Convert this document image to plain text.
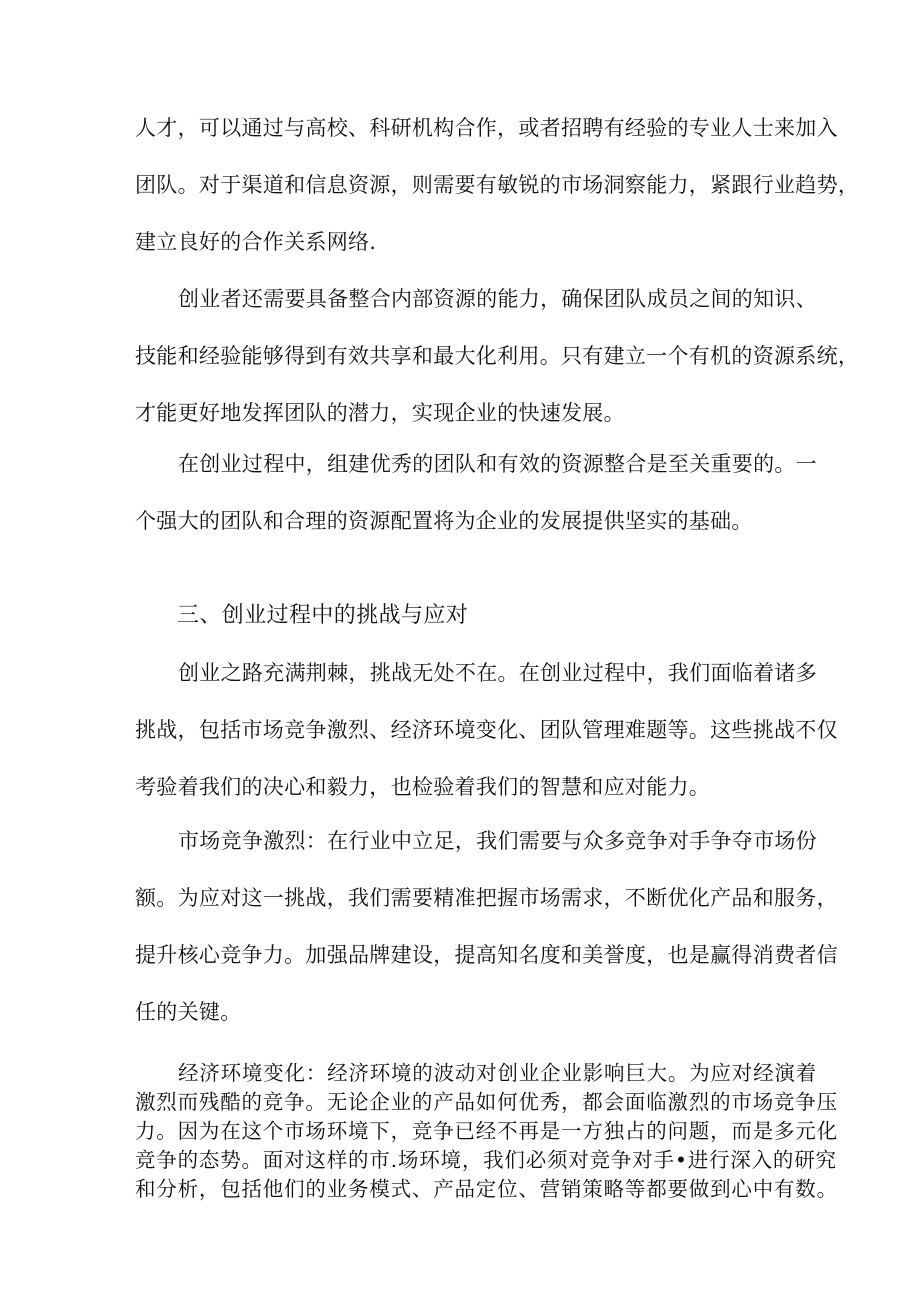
人才，可以通过与高校、科研机构合作，或者招聘有经验的专业人士来加入
团队。对于渠道和信息资源，则需要有敏锐的市场洞察能力，紧跟行业趋势，
建立良好的合作关系网络.

创业者还需要具备整合内部资源的能力，确保团队成员之间的知识、
技能和经验能够得到有效共享和最大化利用。只有建立一个有机的资源系统，
才能更好地发挥团队的潜力，实现企业的快速发展。

在创业过程中，组建优秀的团队和有效的资源整合是至关重要的。一
个强大的团队和合理的资源配置将为企业的发展提供坚实的基础。

三、创业过程中的挑战与应对

创业之路充满荆棘，挑战无处不在。在创业过程中，我们面临着诸多
挑战，包括市场竞争激烈、经济环境变化、团队管理难题等。这些挑战不仅
考验着我们的决心和毅力，也检验着我们的智慧和应对能力。

市场竞争激烈：在行业中立足，我们需要与众多竞争对手争夺市场份
额。为应对这一挑战，我们需要精准把握市场需求，不断优化产品和服务，
提升核心竞争力。加强品牌建设，提高知名度和美誉度，也是赢得消费者信
任的关键。

经济环境变化：经济环境的波动对创业企业影响巨大。为应对经演着
激烈而残酷的竞争。无论企业的产品如何优秀，都会面临激烈的市场竞争压
力。因为在这个市场环境下，竞争已经不再是一方独占的问题，而是多元化
竞争的态势。面对这样的市.场环境，我们必须对竞争对手•进行深入的研究
和分析，包括他们的业务模式、产品定位、营销策略等都要做到心中有数。
